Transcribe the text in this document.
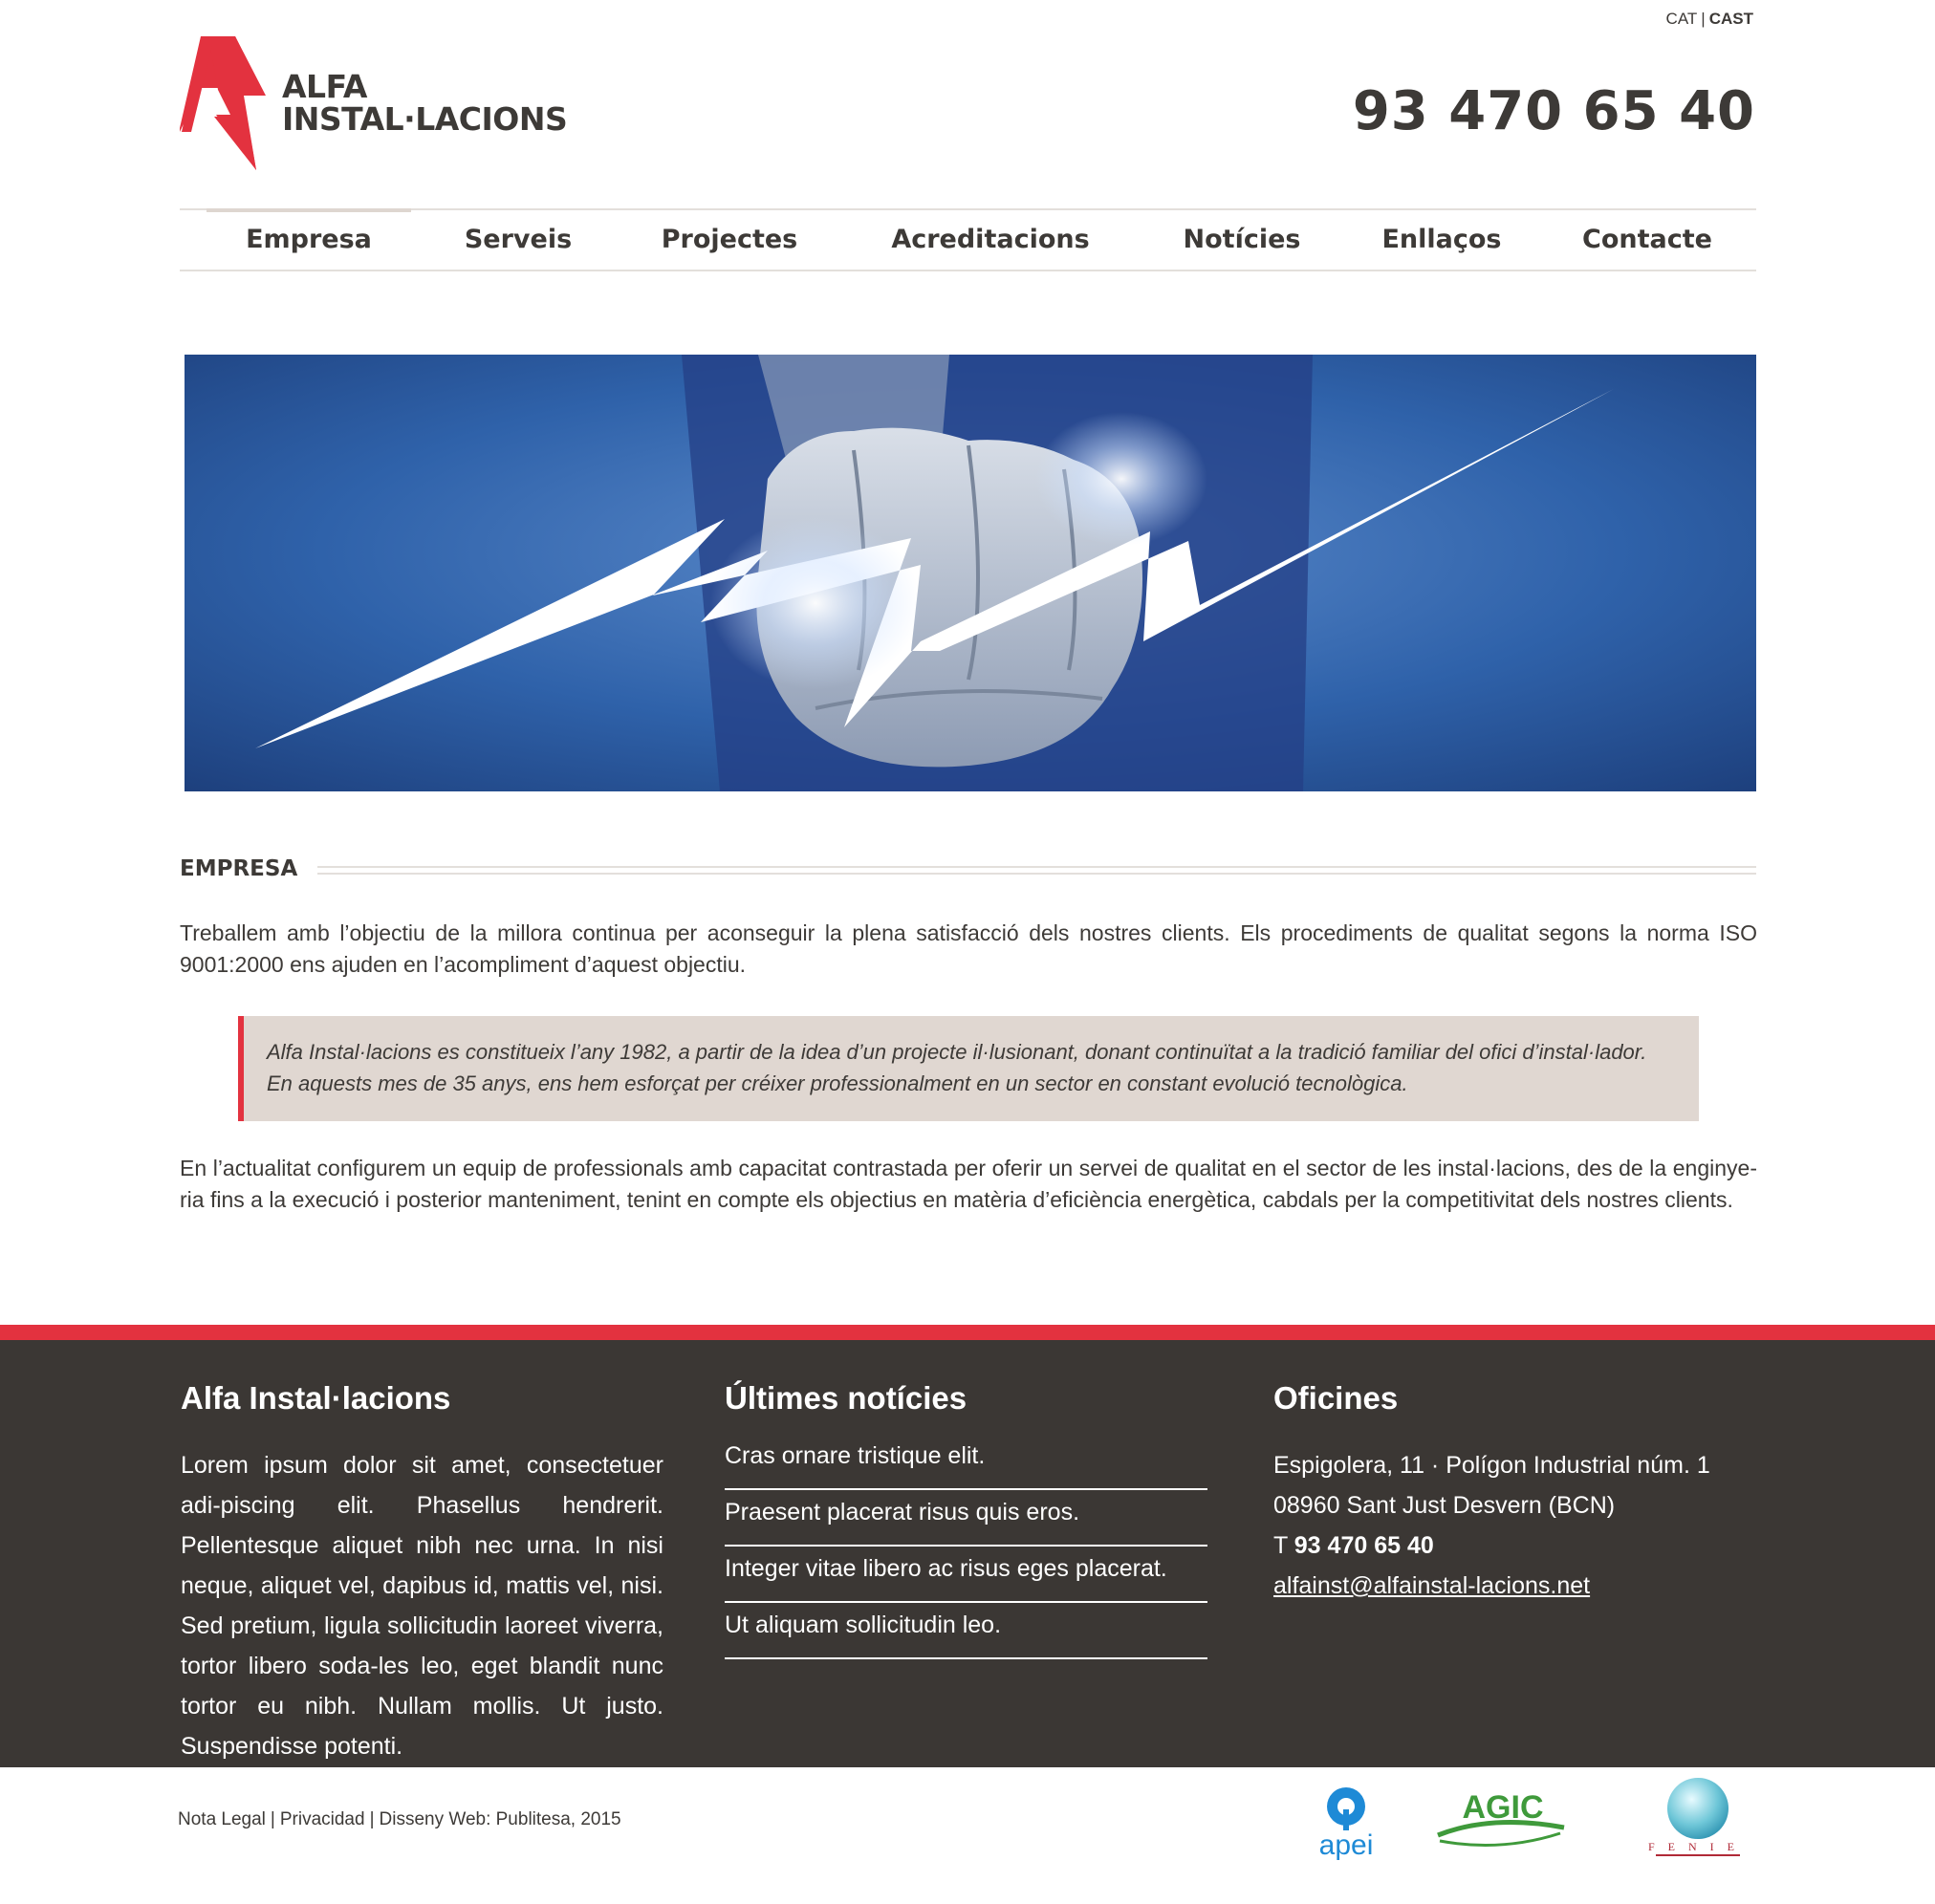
CAT | CAST
ALFA
INSTAL·LACIONS	93 470 65 40
Empresa	Serveis	Projectes	Acreditacions	Notícies	Enllaços	Contacte
EMPRESA

Treballem amb l’objectiu de la millora continua per aconseguir la plena satisfacció dels nostres clients. Els procediments de qualitat segons la norma ISO 9001:2000 ens ajuden en l’acompliment d’aquest objectiu.

Alfa Instal·lacions es constitueix l’any 1982, a partir de la idea d’un projecte il·lusionant, donant continuïtat a la tradició familiar del ofici d’instal·lador.
En aquests mes de 35 anys, ens hem esforçat per créixer professionalment en un sector en constant evolució tecnològica.

En l’actualitat configurem un equip de professionals amb capacitat contrastada per oferir un servei de qualitat en el sector de les instal·lacions, des de la enginye-ria fins a la execució i posterior manteniment, tenint en compte els objectius en matèria d’eficiència energètica, cabdals per la competitivitat dels nostres clients.

Alfa Instal·lacions
Lorem ipsum dolor sit amet, consectetuer adi-piscing elit. Phasellus hendrerit. Pellentesque aliquet nibh nec urna. In nisi neque, aliquet vel, dapibus id, mattis vel, nisi. Sed pretium, ligula sollicitudin laoreet viverra, tortor libero soda-les leo, eget blandit nunc tortor eu nibh. Nullam mollis. Ut justo. Suspendisse potenti.
Últimes notícies
Cras ornare tristique elit.
Praesent placerat risus quis eros.
Integer vitae libero ac risus eges placerat.
Ut aliquam sollicitudin leo.
Oficines
Espigolera, 11 · Polígon Industrial núm. 1
08960 Sant Just Desvern (BCN)
T 93 470 65 40
alfainst@alfainstal-lacions.net
Nota Legal | Privacidad | Disseny Web: Publitesa, 2015
apei
AGIC
FENIE
